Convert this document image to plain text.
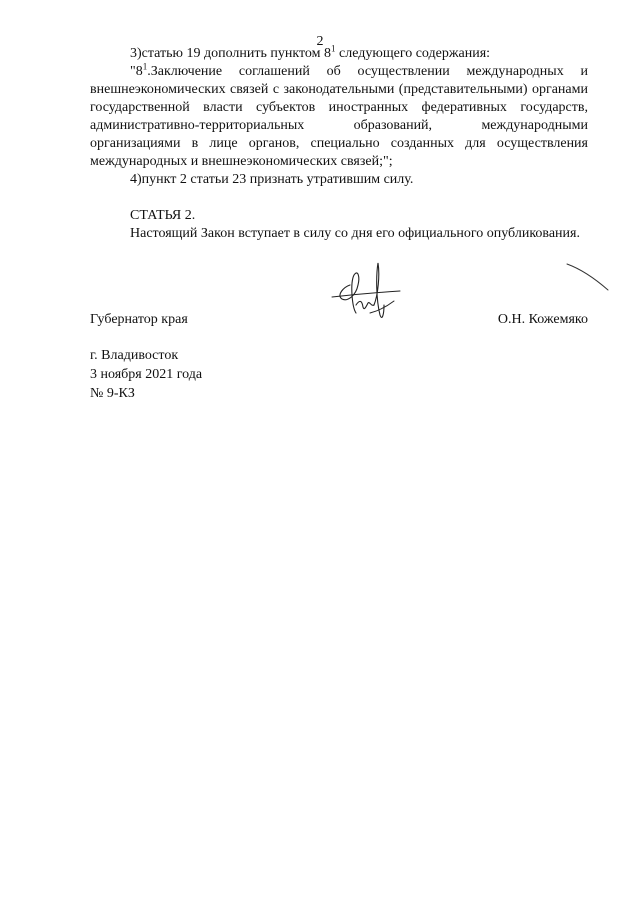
2

3)статью 19 дополнить пунктом $8^1$ следующего содержания:

"$8^1.Заключение$ соглашений об осуществлении международных и внешнеэкономических связей с законодательными (представительными) органами государственной власти субъектов иностранных федеративных государств, административно-территориальных образований, международными организациями в лице органов, специально созданных для осуществления международных и внешнеэкономических связей;";

4)пункт 2 статьи 23 признать утратившим силу.

СТАТЬЯ 2.

Настоящий Закон вступает в силу со дня его официального опубликования.

Губернатор края	О.Н. Кожемяко
г. Владивосток
3 ноября 2021 года
№ 9-КЗ
